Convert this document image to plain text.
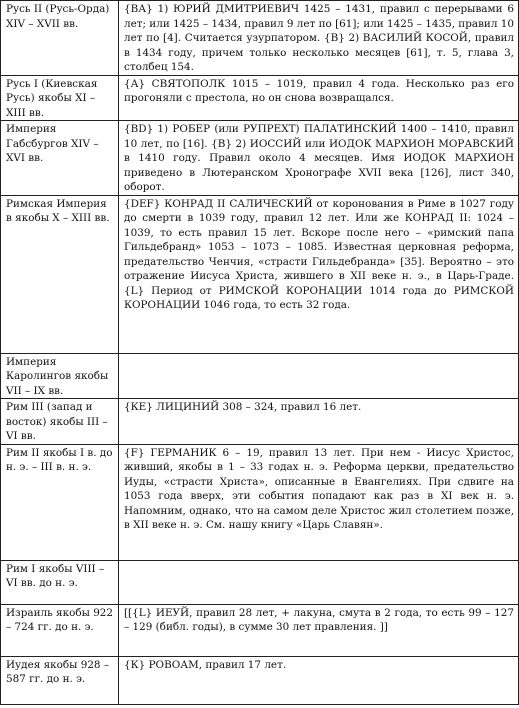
Русь II (Русь-Орда) XIV – XVII вв.	{ВА} 1) ЮРИЙ ДМИТРИЕВИЧ 1425 – 1431, правил с перерывами 6 лет; или 1425 – 1434, правил 9 лет по [61]; или 1425 – 1435, правил 10 лет по [4]. Считается узурпатором. {В} 2) ВАСИЛИЙ КОСОЙ, правил в 1434 году, причем только несколько месяцев [61], т. 5, глава 3, столбец 154.
Русь I (Киевская Русь) якобы XI – XIII вв.	{А} СВЯТОПОЛК 1015 – 1019, правил 4 года. Несколько раз его прогоняли с престола, но он снова возвращался.
Империя Габсбургов XIV – XVI вв.	{ВD} 1) РОБЕР (или РУПРЕХТ) ПАЛАТИНСКИЙ 1400 – 1410, правил 10 лет, по [16]. {В} 2) ИОССИЙ или ИОДОК МАРХИОН МОРАВСКИЙ в 1410 году. Правил около 4 месяцев. Имя ИОДОК МАРХИОН приведено в Лютеранском Хронографе XVII века [126], лист 340, оборот.
Римская Империя в якобы X – XIII вв.	{DEF} КОНРАД II САЛИЧЕСКИЙ от коронования в Риме в 1027 году до смерти в 1039 году, правил 12 лет. Или же КОНРАД II: 1024 – 1039, то есть правил 15 лет. Вскоре после него – «римский папа Гильдебранд» 1053 – 1073 – 1085. Известная церковная реформа, предательство Ченчия, «страсти Гильдебранда» [35]. Вероятно – это отражение Иисуса Христа, жившего в XII веке н. э., в Царь-Граде. {L} Период от РИМСКОЙ КОРОНАЦИИ 1014 года до РИМСКОЙ КОРОНАЦИИ 1046 года, то есть 32 года.
Империя Каролингов якобы VII – IX вв.	
Рим III (запад и восток) якобы III – VI вв.	{КЕ} ЛИЦИНИЙ 308 – 324, правил 16 лет.
Рим II якобы I в. до н. э. – III в. н. э.	{F} ГЕРМАНИК 6 – 19, правил 13 лет. При нем - Иисус Христос, живший, якобы в 1 – 33 годах н. э. Реформа церкви, предательство Иуды, «страсти Христа», описанные в Евангелиях. При сдвиге на 1053 года вверх, эти события попадают как раз в XI век н. э. Напомним, однако, что на самом деле Христос жил столетием позже, в XII веке н. э. См. нашу книгу «Царь Славян».
Рим I якобы VIII – VI вв. до н. э.	
Израиль якобы 922 – 724 гг. до н. э.	[[{L} ИЕУЙ, правил 28 лет, + лакуна, смута в 2 года, то есть 99 – 127 – 129 (библ. годы), в сумме 30 лет правления. ]]
Иудея якобы 928 – 587 гг. до н. э.	{К} РОВОАМ, правил 17 лет.
